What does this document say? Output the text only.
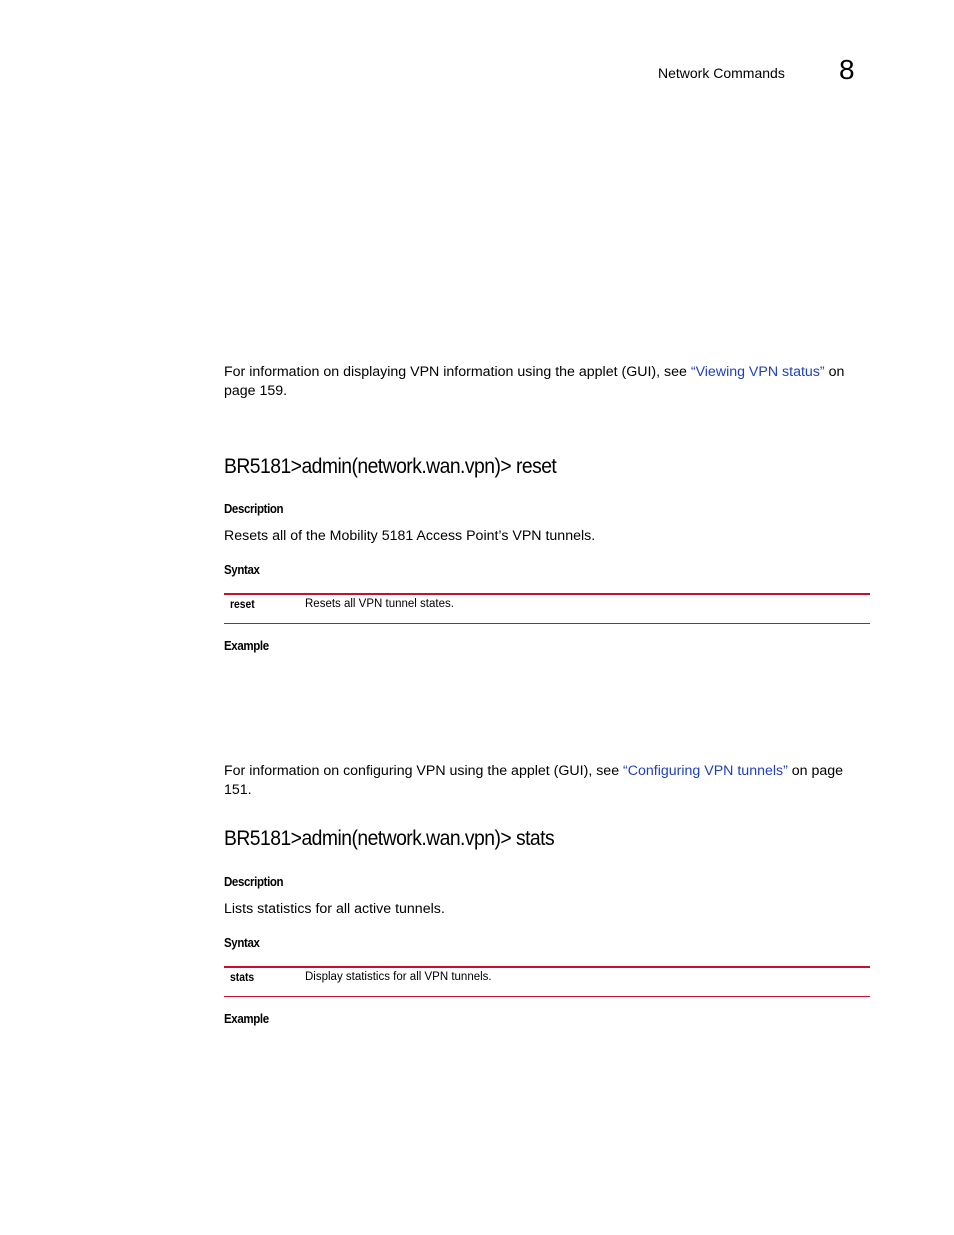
Network Commands 8
For information on displaying VPN information using the applet (GUI), see “Viewing VPN status” on page 159.
BR5181>admin(network.wan.vpn)> reset
Description
Resets all of the Mobility 5181 Access Point’s VPN tunnels.
Syntax
reset	Resets all VPN tunnel states.
Example
For information on configuring VPN using the applet (GUI), see “Configuring VPN tunnels” on page 151.
BR5181>admin(network.wan.vpn)> stats
Description
Lists statistics for all active tunnels.
Syntax
stats	Display statistics for all VPN tunnels.
Example
